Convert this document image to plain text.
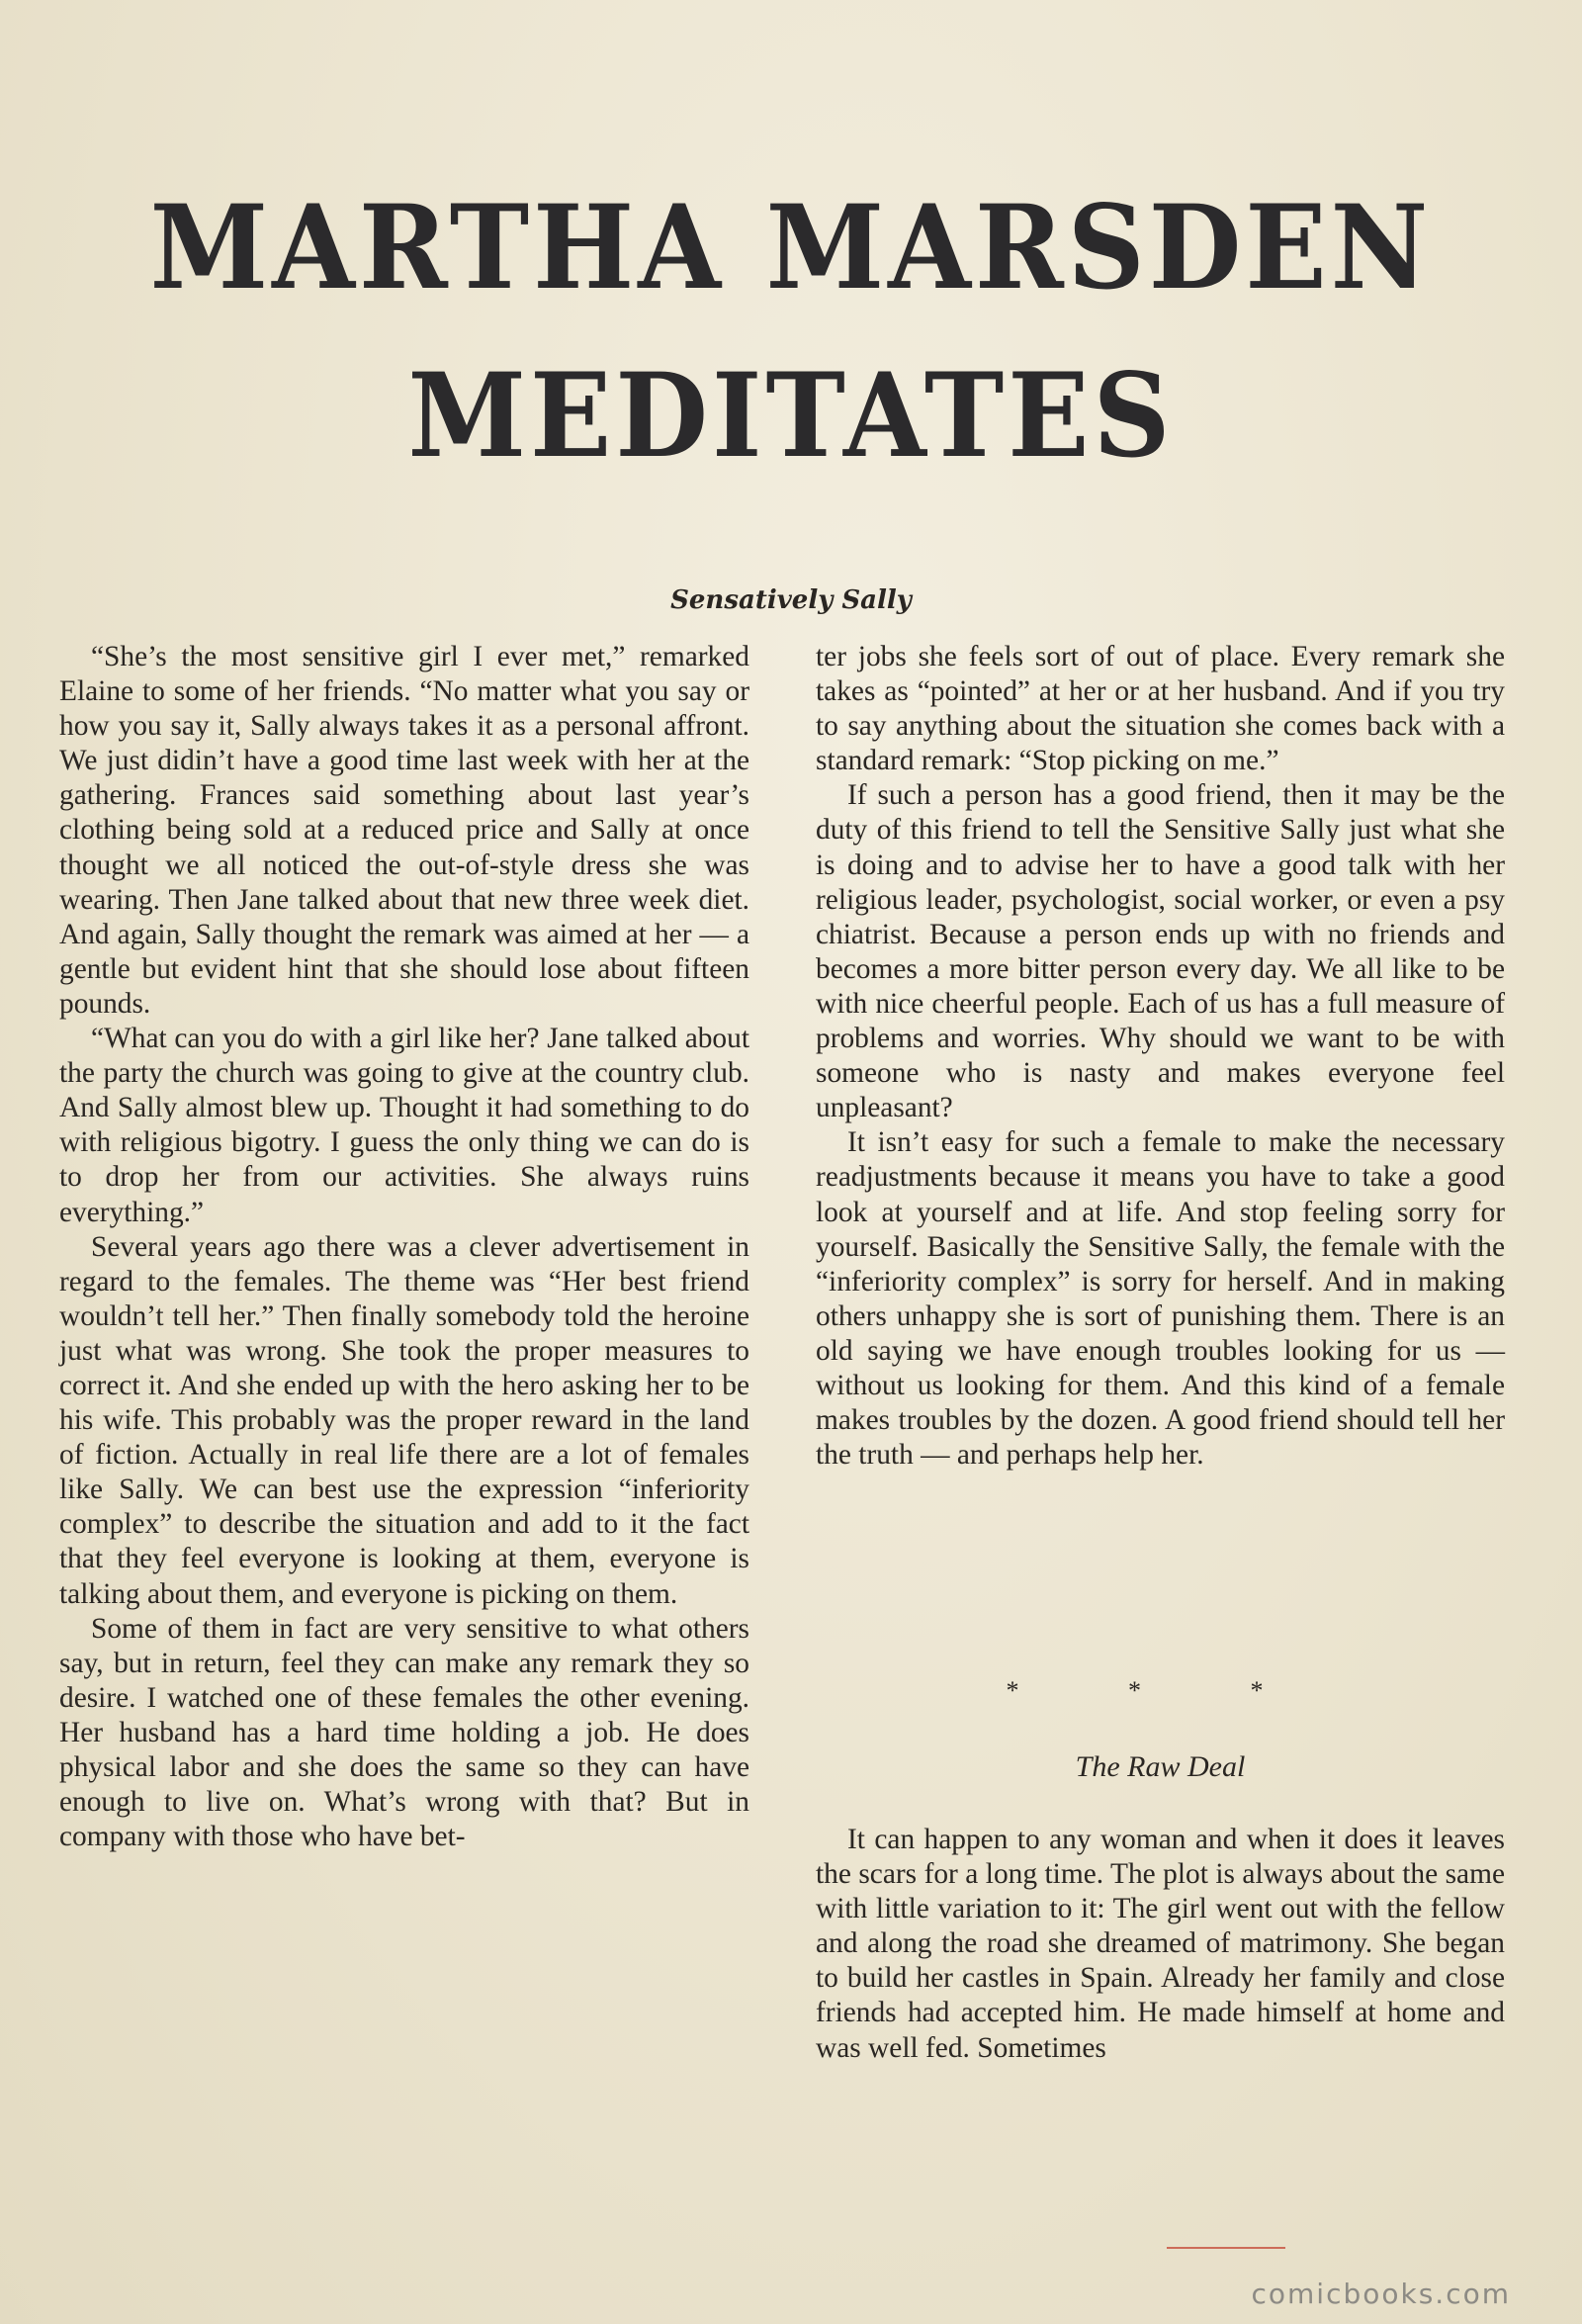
MARTHA MARSDEN
MEDITATES
Sensatively Sally

“She’s the most sensitive girl I ever met,” remarked Elaine to some of her friends. “No matter what you say or how you say it, Sally always takes it as a personal affront. We just didin’t have a good time last week with her at the gathering. Frances said something about last year’s clothing being sold at a reduced price and Sally at once thought we all noticed the out-of-style dress she was wearing. Then Jane talked about that new three week diet. And again, Sally thought the remark was aimed at her — a gentle but evident hint that she should lose about fifteen pounds.

“What can you do with a girl like her? Jane talked about the party the church was going to give at the country club. And Sally almost blew up. Thought it had something to do with religious bigotry. I guess the only thing we can do is to drop her from our activities. She always ruins everything.”

Several years ago there was a clever advertisement in regard to the females. The theme was “Her best friend wouldn’t tell her.” Then finally somebody told the heroine just what was wrong. She took the proper measures to correct it. And she ended up with the hero asking her to be his wife. This probably was the proper reward in the land of fiction. Actually in real life there are a lot of females like Sally. We can best use the expression “inferiority complex” to describe the situation and add to it the fact that they feel everyone is looking at them, everyone is talking about them, and everyone is picking on them.

Some of them in fact are very sensitive to what others say, but in return, feel they can make any remark they so desire. I watched one of these females the other evening. Her husband has a hard time holding a job. He does physical labor and she does the same so they can have enough to live on. What’s wrong with that? But in company with those who have bet-

ter jobs she feels sort of out of place. Every remark she takes as “pointed” at her or at her husband. And if you try to say anything about the situation she comes back with a standard remark: “Stop picking on me.”

If such a person has a good friend, then it may be the duty of this friend to tell the Sensitive Sally just what she is doing and to advise her to have a good talk with her religious leader, psychologist, social worker, or even a psy chiatrist. Because a person ends up with no friends and becomes a more bitter person every day. We all like to be with nice cheerful people. Each of us has a full measure of problems and worries. Why should we want to be with someone who is nasty and makes everyone feel unpleasant?

It isn’t easy for such a female to make the necessary readjustments because it means you have to take a good look at yourself and at life. And stop feeling sorry for yourself. Basically the Sensitive Sally, the female with the “inferiority complex” is sorry for herself. And in making others unhappy she is sort of punishing them. There is an old saying we have enough troubles looking for us — without us looking for them. And this kind of a female makes troubles by the dozen. A good friend should tell her the truth — and perhaps help her.

* * *
The Raw Deal

It can happen to any woman and when it does it leaves the scars for a long time. The plot is always about the same with little variation to it: The girl went out with the fellow and along the road she dreamed of matrimony. She began to build her castles in Spain. Already her family and close friends had accepted him. He made himself at home and was well fed. Sometimes

comicbooks.com
